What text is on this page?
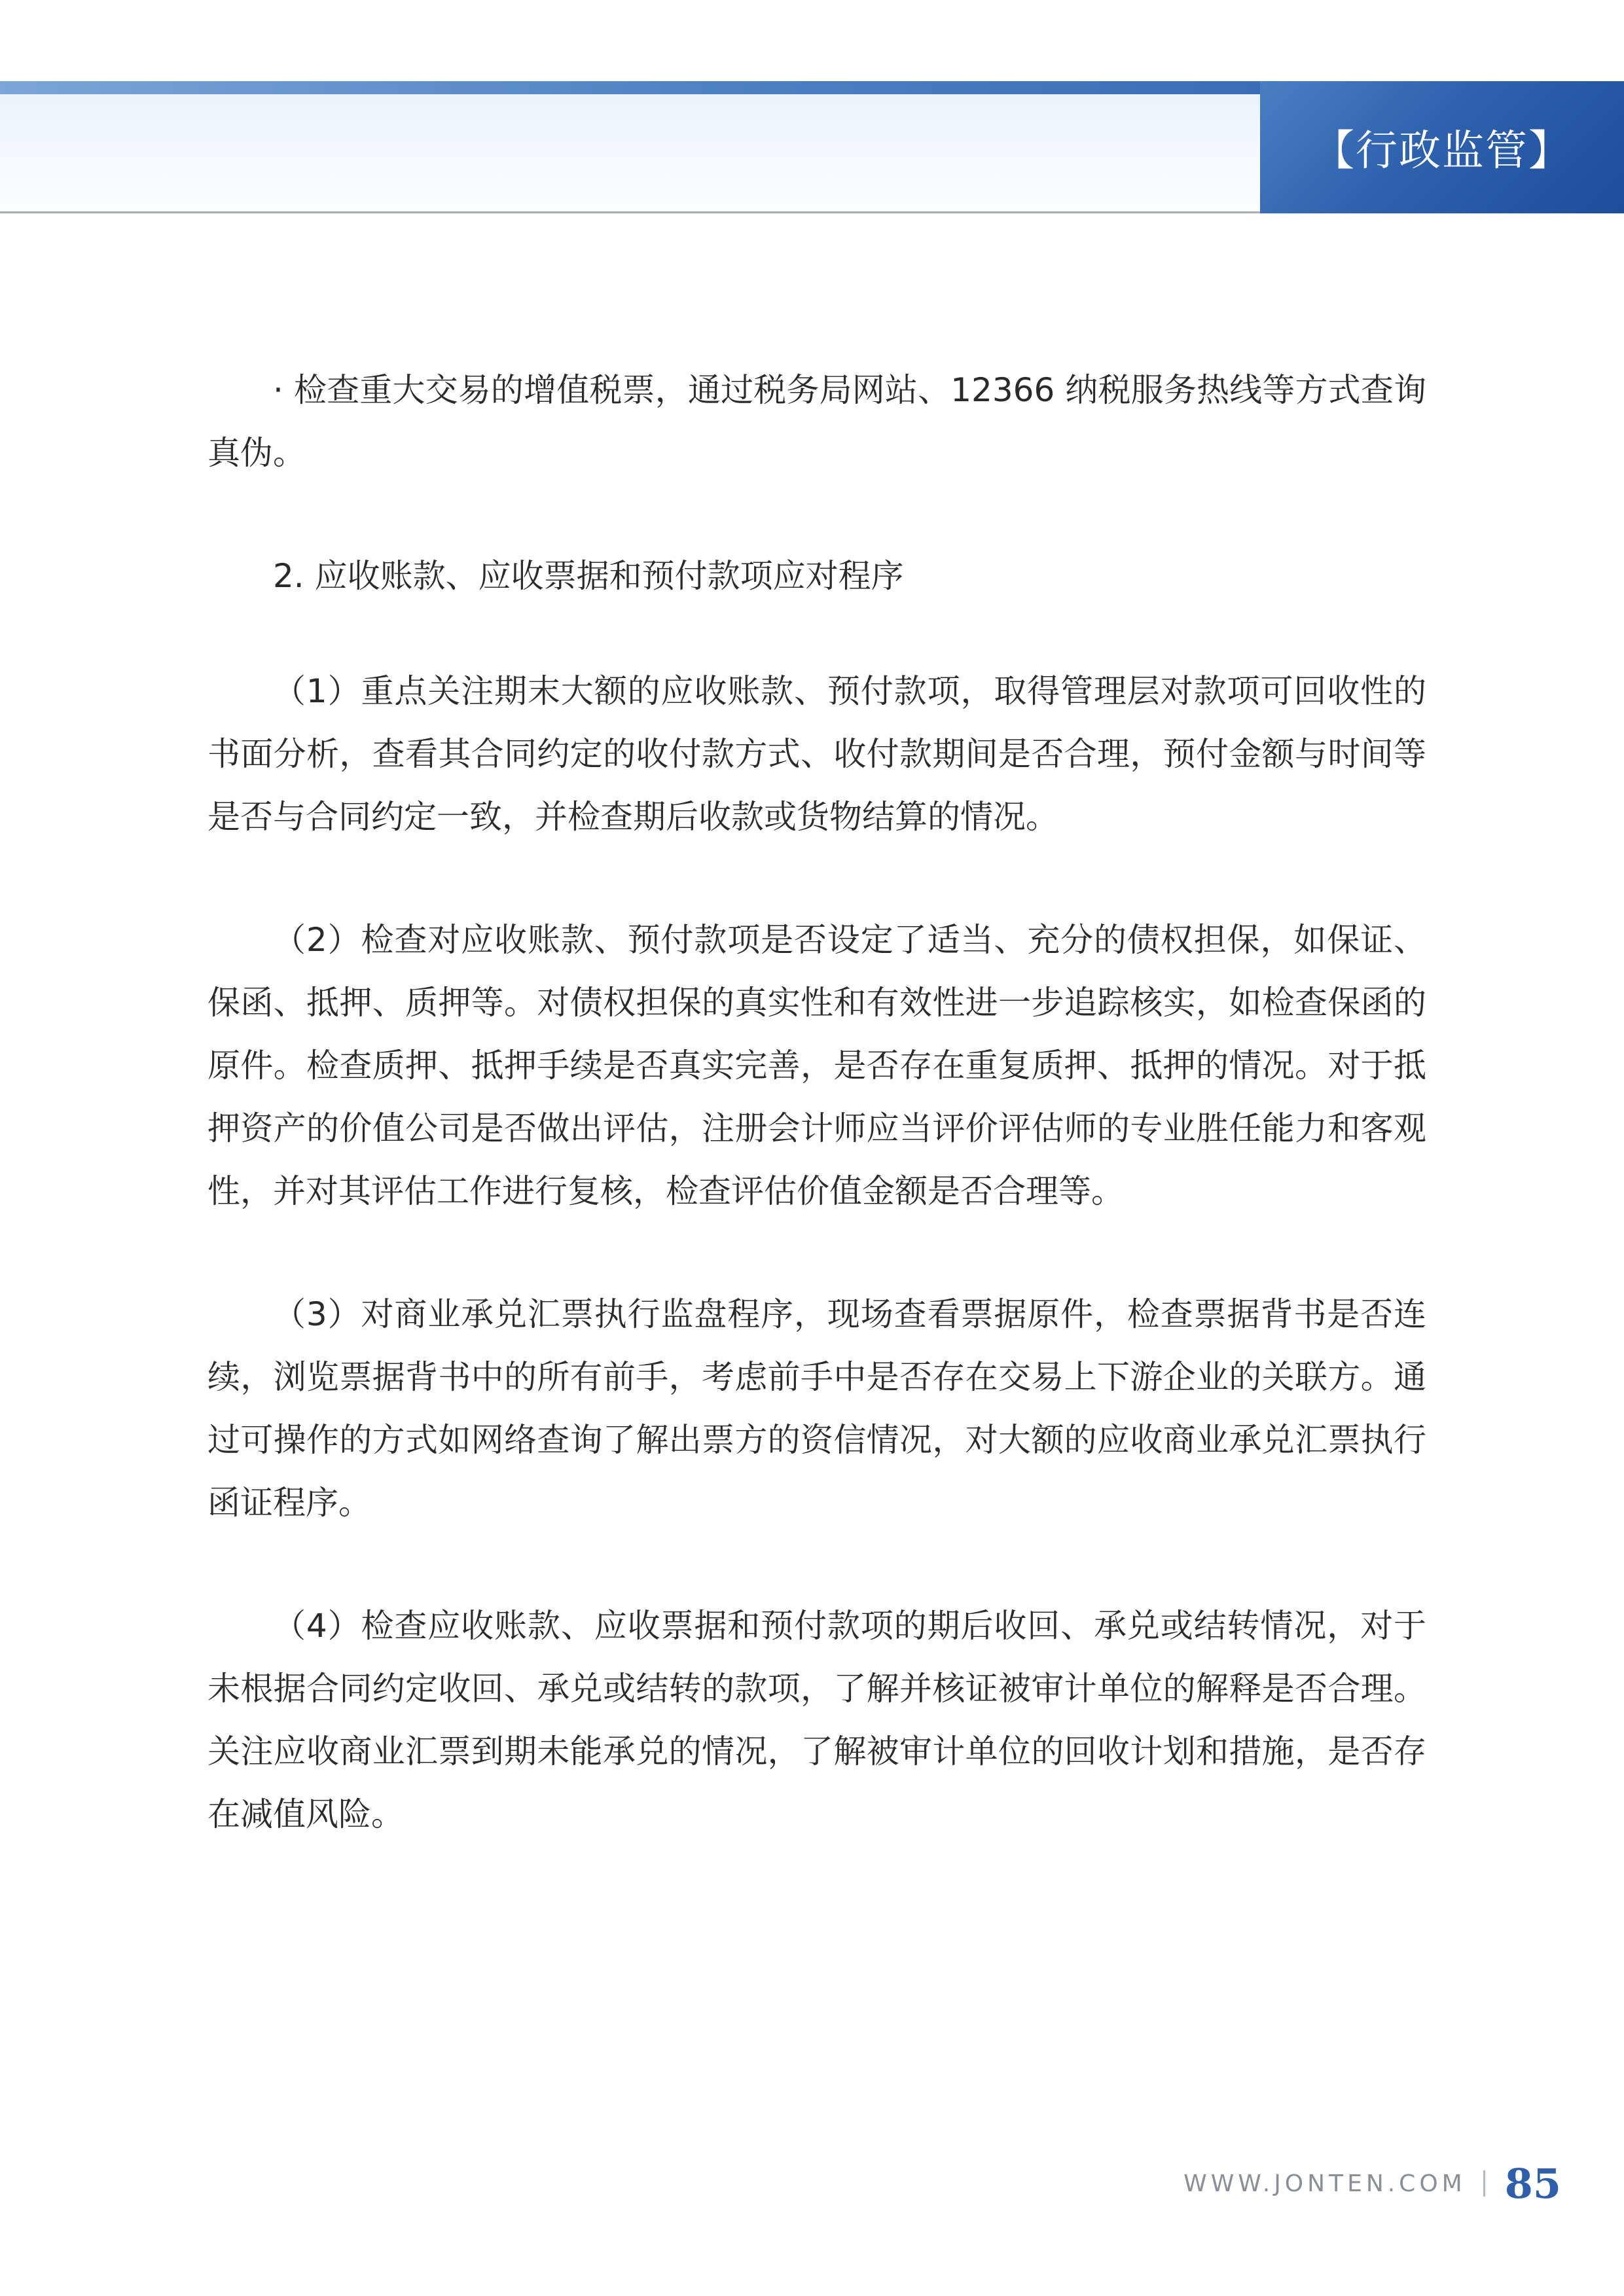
【行政监管】

· 检查重大交易的增值税票，通过税务局网站、12366 纳税服务热线等方式查询真伪。

2. 应收账款、应收票据和预付款项应对程序

（1）重点关注期末大额的应收账款、预付款项，取得管理层对款项可回收性的书面分析，查看其合同约定的收付款方式、收付款期间是否合理，预付金额与时间等是否与合同约定一致，并检查期后收款或货物结算的情况。

（2）检查对应收账款、预付款项是否设定了适当、充分的债权担保，如保证、保函、抵押、质押等。对债权担保的真实性和有效性进一步追踪核实，如检查保函的原件。检查质押、抵押手续是否真实完善，是否存在重复质押、抵押的情况。对于抵押资产的价值公司是否做出评估，注册会计师应当评价评估师的专业胜任能力和客观性，并对其评估工作进行复核，检查评估价值金额是否合理等。

（3）对商业承兑汇票执行监盘程序，现场查看票据原件，检查票据背书是否连续，浏览票据背书中的所有前手，考虑前手中是否存在交易上下游企业的关联方。通过可操作的方式如网络查询了解出票方的资信情况，对大额的应收商业承兑汇票执行函证程序。

（4）检查应收账款、应收票据和预付款项的期后收回、承兑或结转情况，对于未根据合同约定收回、承兑或结转的款项，了解并核证被审计单位的解释是否合理。关注应收商业汇票到期未能承兑的情况，了解被审计单位的回收计划和措施，是否存在减值风险。

WWW.JONTEN.COM 85
